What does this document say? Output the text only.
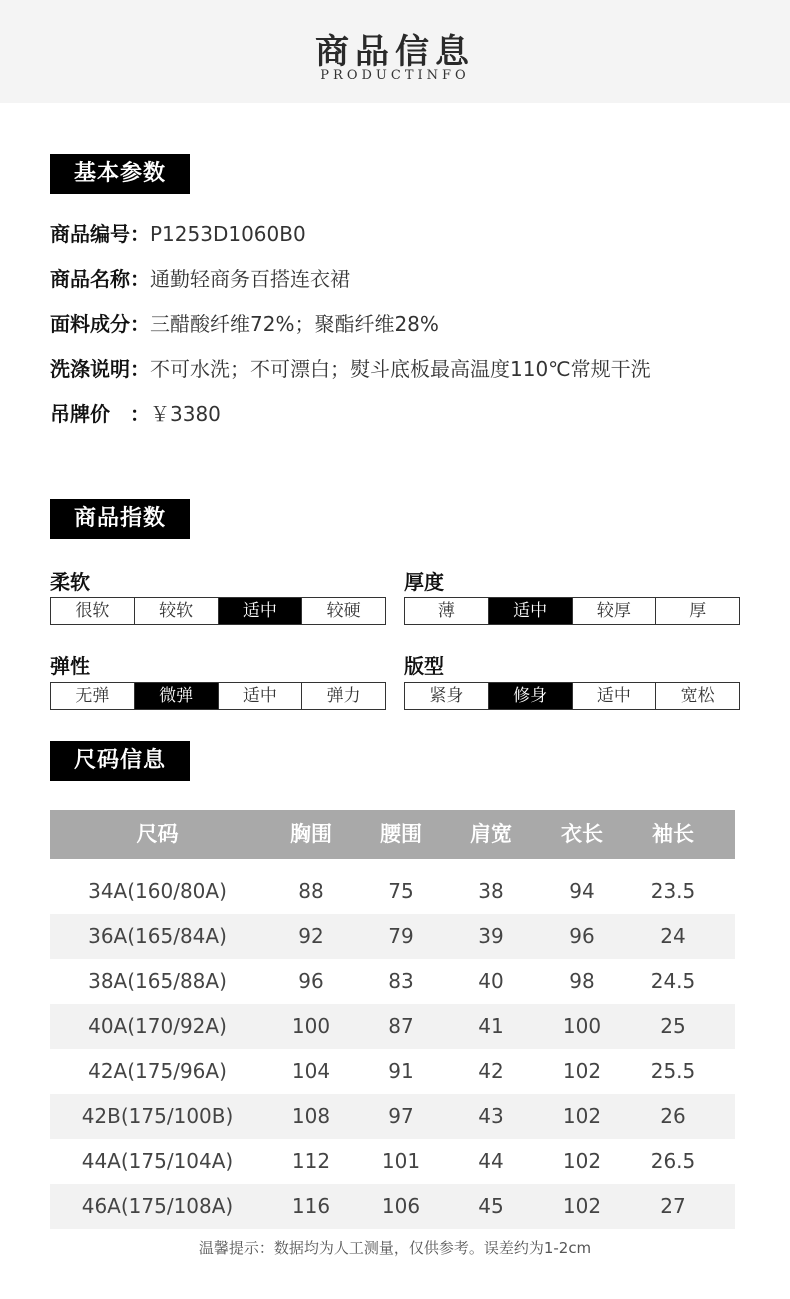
商品信息
PRODUCTINFO
基本参数
商品编号：P1253D1060B0
商品名称：通勤轻商务百搭连衣裙
面料成分：三醋酸纤维72%；聚酯纤维28%
洗涤说明：不可水洗；不可漂白；熨斗底板最高温度110℃常规干洗
吊牌价　：￥3380
商品指数
柔软
很软	较软	适中	较硬
厚度
薄	适中	较厚	厚
弹性
无弹	微弹	适中	弹力
版型
紧身	修身	适中	宽松
尺码信息
尺码	胸围	腰围	肩宽	衣长	袖长
34A(160/80A)	88	75	38	94	23.5
36A(165/84A)	92	79	39	96	24
38A(165/88A)	96	83	40	98	24.5
40A(170/92A)	100	87	41	100	25
42A(175/96A)	104	91	42	102	25.5
42B(175/100B)	108	97	43	102	26
44A(175/104A)	112	101	44	102	26.5
46A(175/108A)	116	106	45	102	27
温馨提示：数据均为人工测量，仅供参考。误差约为1-2cm
